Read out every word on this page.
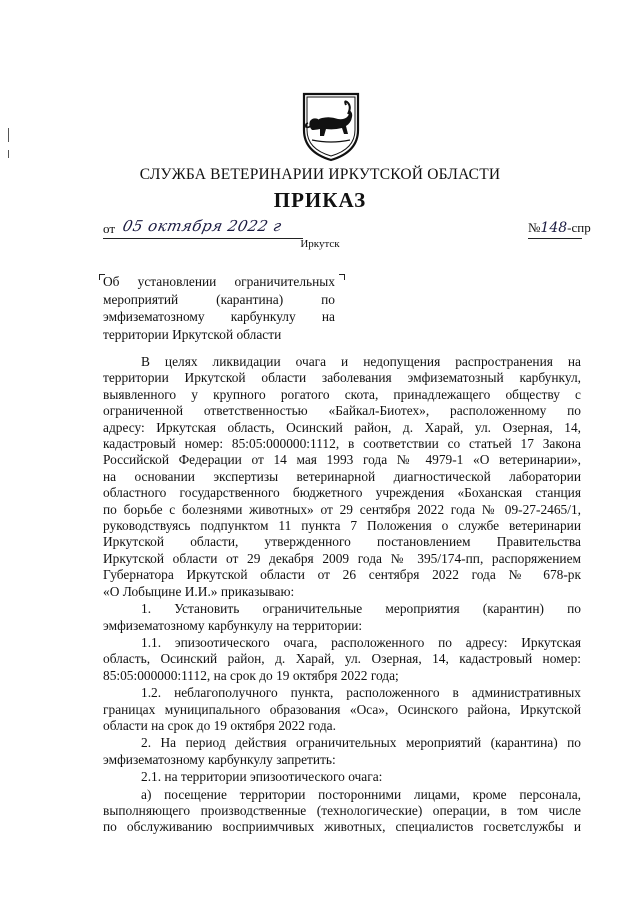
СЛУЖБА ВЕТЕРИНАРИИ ИРКУТСКОЙ ОБЛАСТИ
ПРИКАЗ
от 05 октября 2022 г	№148-спр
Иркутск
Об установлении ограничительных
мероприятий (карантина) по
эмфизематозному карбункулу на
территории Иркутской области
В целях ликвидации очага и недопущения распространения на
территории Иркутской области заболевания эмфизематозный карбункул,
выявленного у крупного рогатого скота, принадлежащего обществу с
ограниченной ответственностью «Байкал-Биотех», расположенному по
адресу: Иркутская область, Осинский район, д. Харай, ул. Озерная, 14,
кадастровый номер: 85:05:000000:1112, в соответствии со статьей 17 Закона
Российской Федерации от 14 мая 1993 года № 4979-1 «О ветеринарии»,
на основании экспертизы ветеринарной диагностической лаборатории
областного государственного бюджетного учреждения «Боханская станция
по борьбе с болезнями животных» от 29 сентября 2022 года № 09-27-2465/1,
руководствуясь подпунктом 11 пункта 7 Положения о службе ветеринарии
Иркутской области, утвержденного постановлением Правительства
Иркутской области от 29 декабря 2009 года № 395/174-пп, распоряжением
Губернатора Иркутской области от 26 сентября 2022 года № 678-рк
«О Лобыцине И.И.» приказываю:
1. Установить ограничительные мероприятия (карантин) по
эмфизематозному карбункулу на территории:
1.1. эпизоотического очага, расположенного по адресу: Иркутская
область, Осинский район, д. Харай, ул. Озерная, 14, кадастровый номер:
85:05:000000:1112, на срок до 19 октября 2022 года;
1.2. неблагополучного пункта, расположенного в административных
границах муниципального образования «Оса», Осинского района, Иркутской
области на срок до 19 октября 2022 года.
2. На период действия ограничительных мероприятий (карантина) по
эмфизематозному карбункулу запретить:
2.1. на территории эпизоотического очага:
а) посещение территории посторонними лицами, кроме персонала,
выполняющего производственные (технологические) операции, в том числе
по обслуживанию восприимчивых животных, специалистов госветслужбы и
